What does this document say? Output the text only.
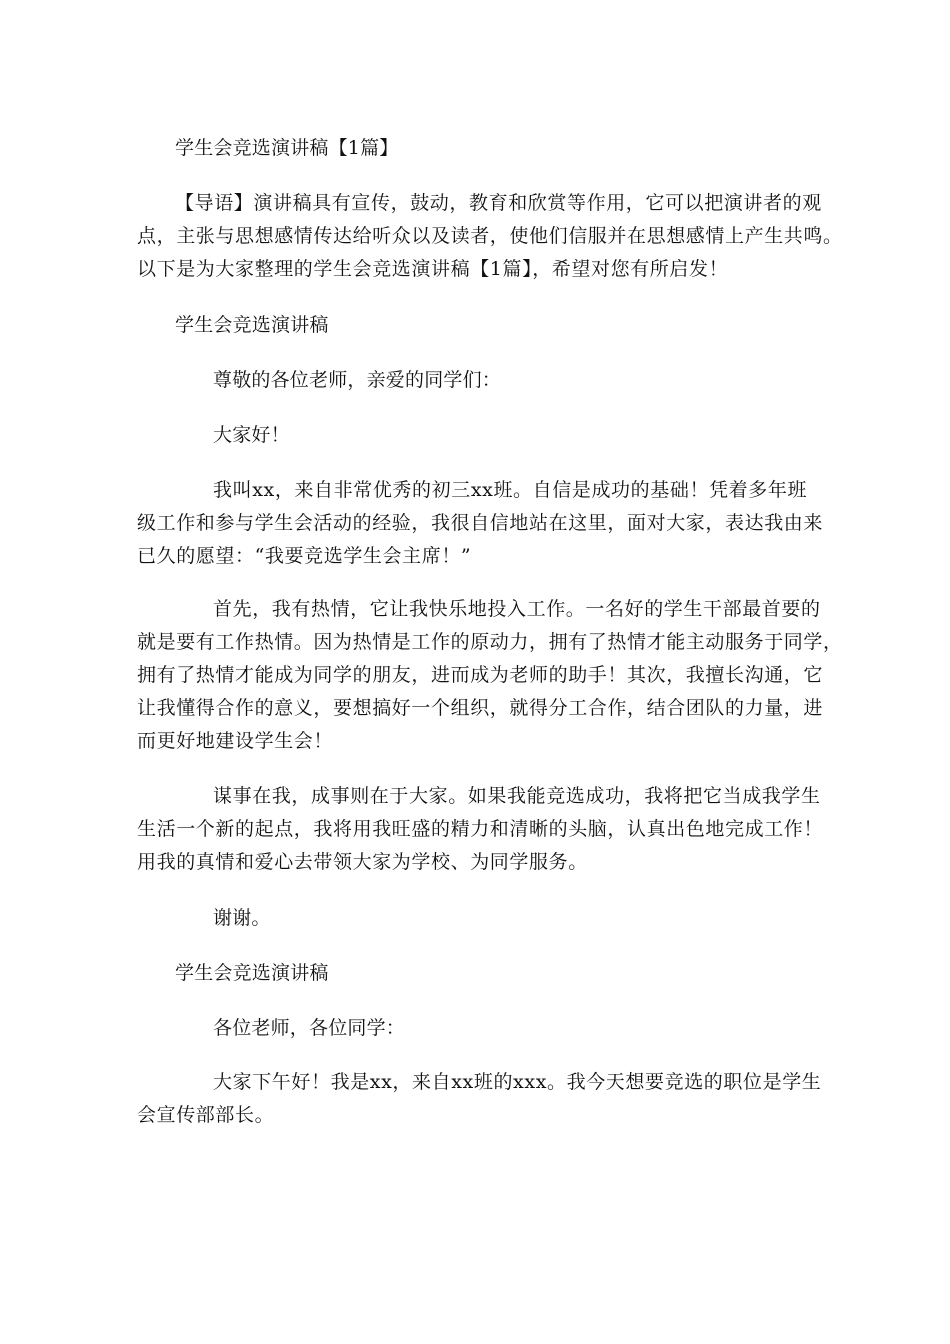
学生会竞选演讲稿【1篇】

【导语】演讲稿具有宣传，鼓动，教育和欣赏等作用，它可以把演讲者的观
点，主张与思想感情传达给听众以及读者，使他们信服并在思想感情上产生共鸣。
以下是为大家整理的学生会竞选演讲稿【1篇】，希望对您有所启发！

学生会竞选演讲稿

尊敬的各位老师，亲爱的同学们：

大家好！

我叫xx，来自非常优秀的初三xx班。自信是成功的基础！凭着多年班
级工作和参与学生会活动的经验，我很自信地站在这里，面对大家，表达我由来
已久的愿望：“我要竞选学生会主席！”
首先，我有热情，它让我快乐地投入工作。一名好的学生干部最首要的
就是要有工作热情。因为热情是工作的原动力，拥有了热情才能主动服务于同学，
拥有了热情才能成为同学的朋友，进而成为老师的助手！其次，我擅长沟通，它
让我懂得合作的意义，要想搞好一个组织，就得分工合作，结合团队的力量，进
而更好地建设学生会！
谋事在我，成事则在于大家。如果我能竞选成功，我将把它当成我学生
生活一个新的起点，我将用我旺盛的精力和清晰的头脑，认真出色地完成工作！
用我的真情和爱心去带领大家为学校、为同学服务。

谢谢。

学生会竞选演讲稿

各位老师，各位同学：

大家下午好！我是xx，来自xx班的xxx。我今天想要竞选的职位是学生
会宣传部部长。
